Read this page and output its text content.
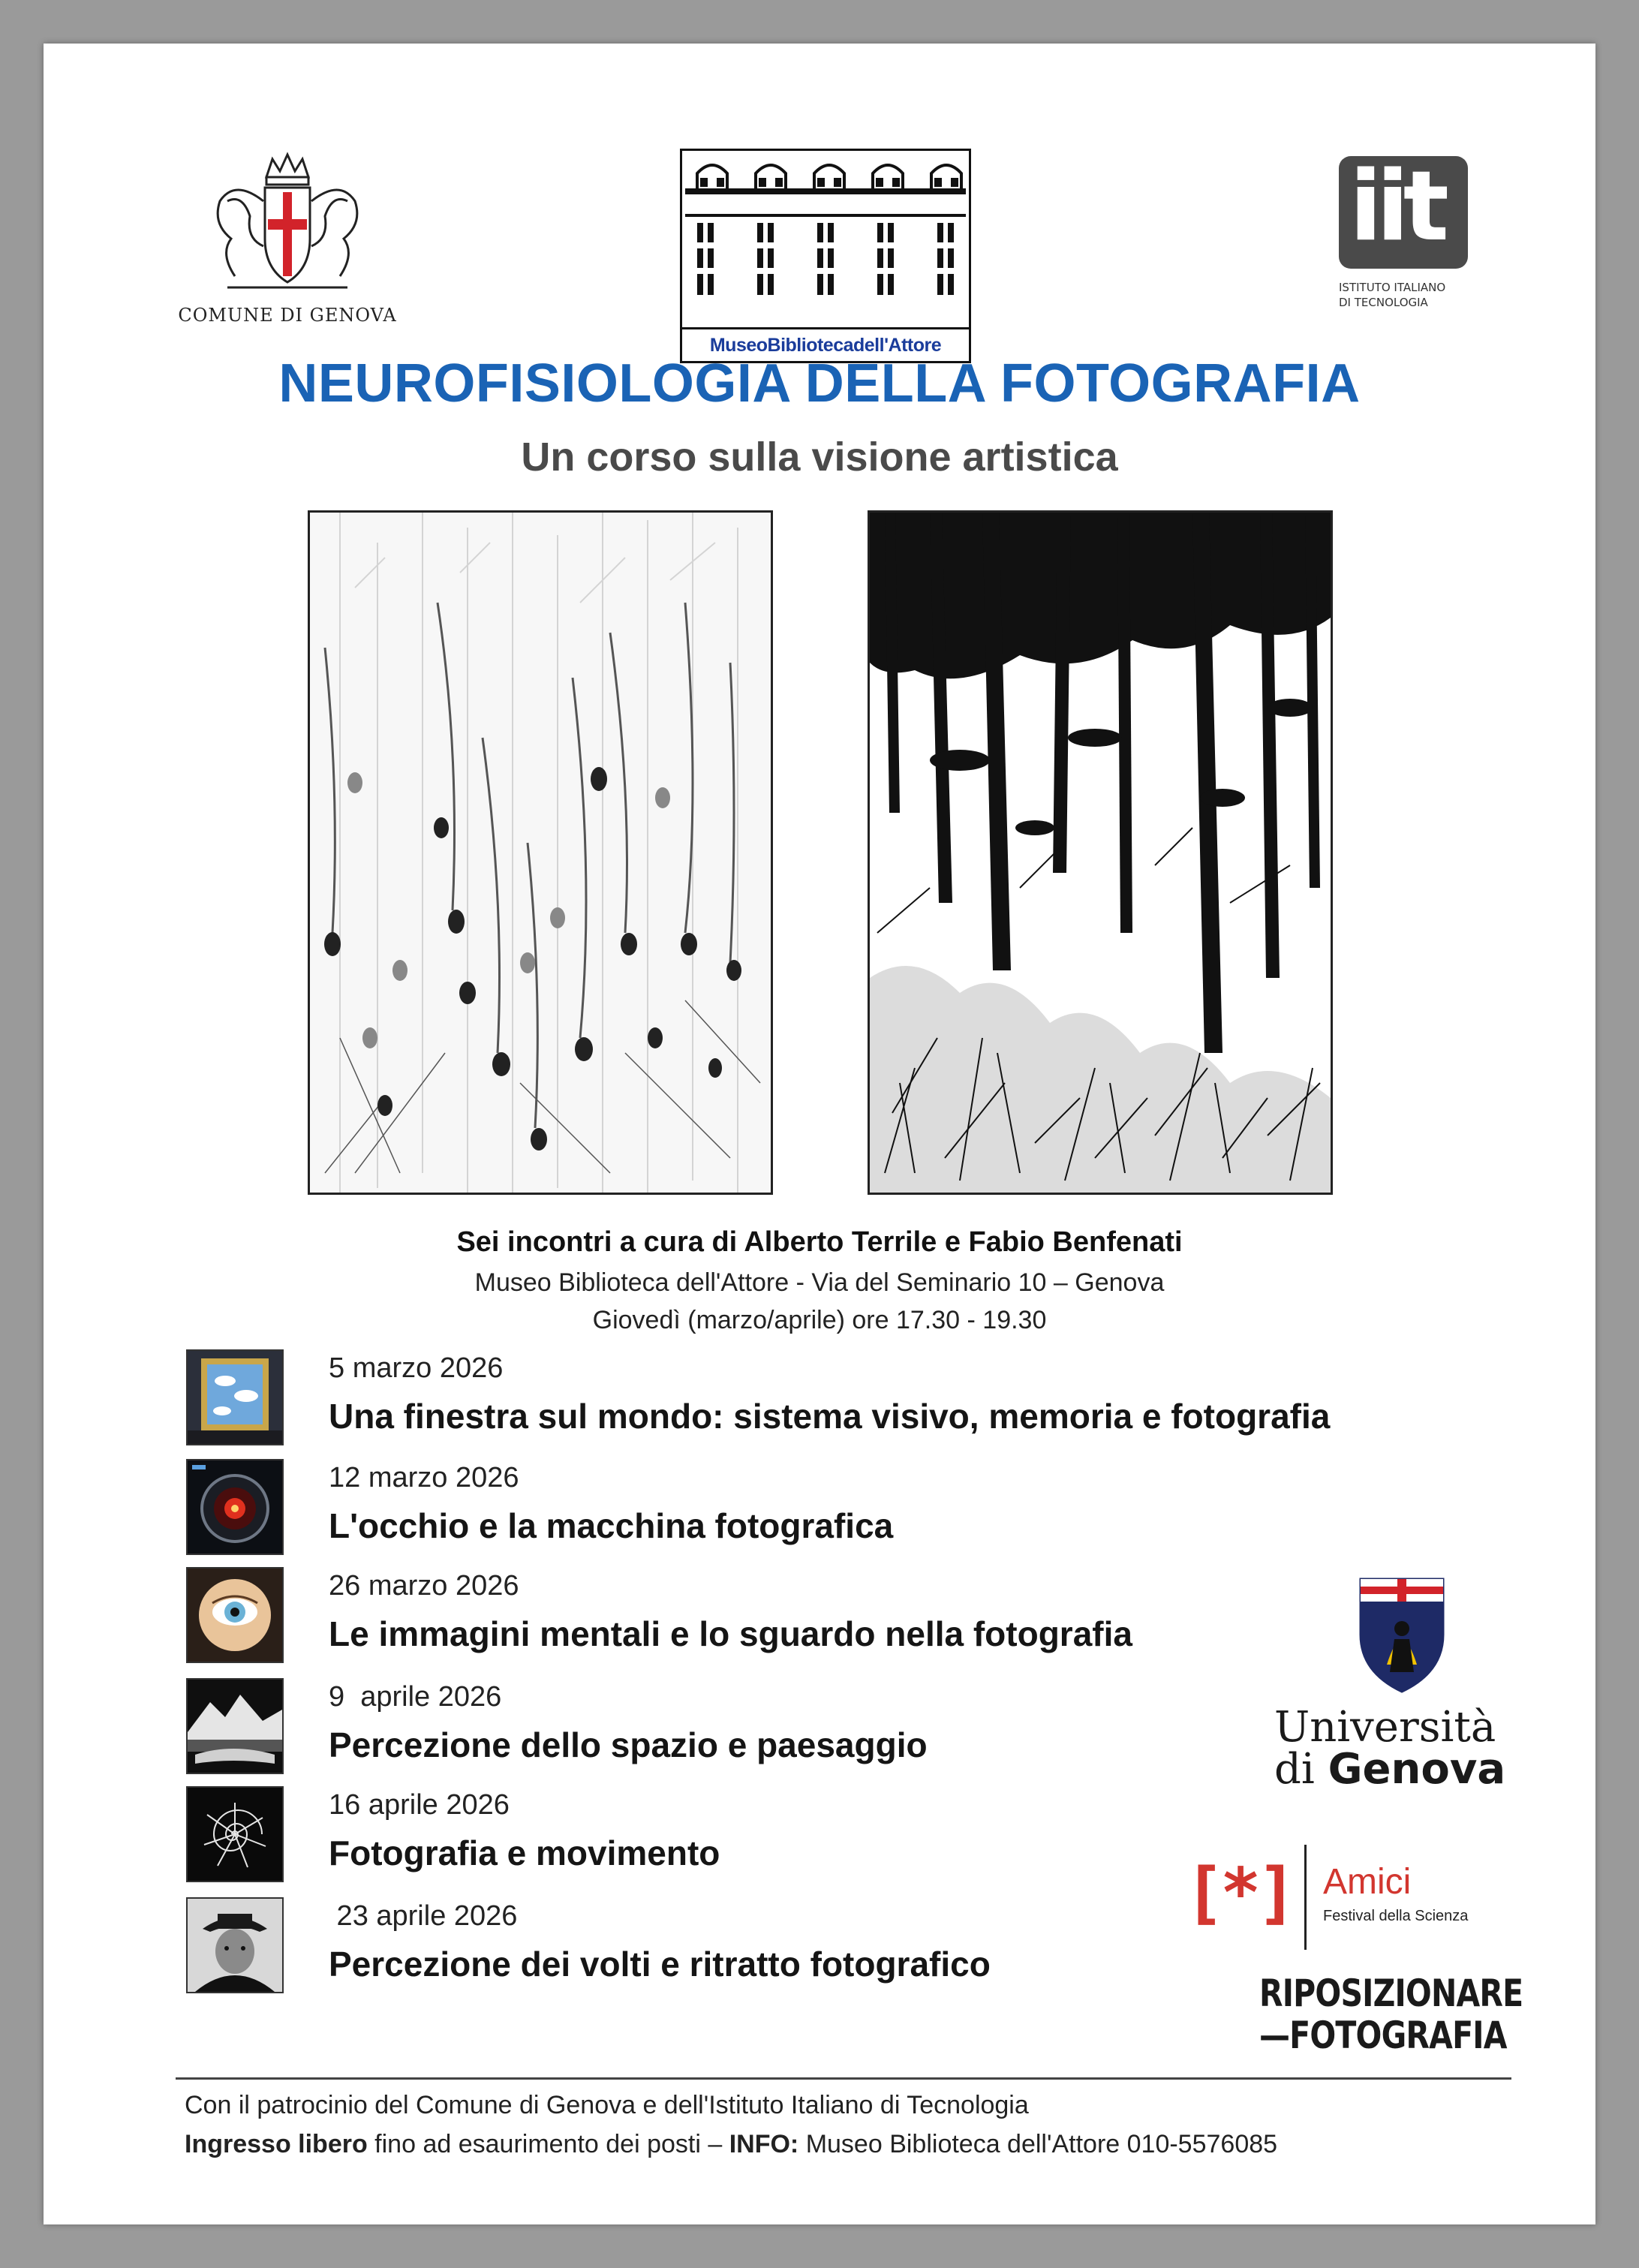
COMUNE DI GENOVA
MuseoBibliotecadell'Attore
iit
ISTITUTO ITALIANO
DI TECNOLOGIA
NEUROFISIOLOGIA DELLA FOTOGRAFIA
Un corso sulla visione artistica
Sei incontri a cura di Alberto Terrile e Fabio Benfenati
Museo Biblioteca dell'Attore - Via del Seminario 10 – Genova
Giovedì (marzo/aprile) ore 17.30 - 19.30
5 marzo 2026
Una finestra sul mondo: sistema visivo, memoria e fotografia
12 marzo 2026
L'occhio e la macchina fotografica
26 marzo 2026
Le immagini mentali e lo sguardo nella fotografia
9  aprile 2026
Percezione dello spazio e paesaggio
16 aprile 2026
Fotografia e movimento
23 aprile 2026
Percezione dei volti e ritratto fotografico
Università
di Genova
[*] Amici
Festival della Scienza
RIPOSIZIONARE
—FOTOGRAFIA
Con il patrocinio del Comune di Genova e dell'Istituto Italiano di Tecnologia
Ingresso libero fino ad esaurimento dei posti – INFO: Museo Biblioteca dell'Attore 010-5576085
